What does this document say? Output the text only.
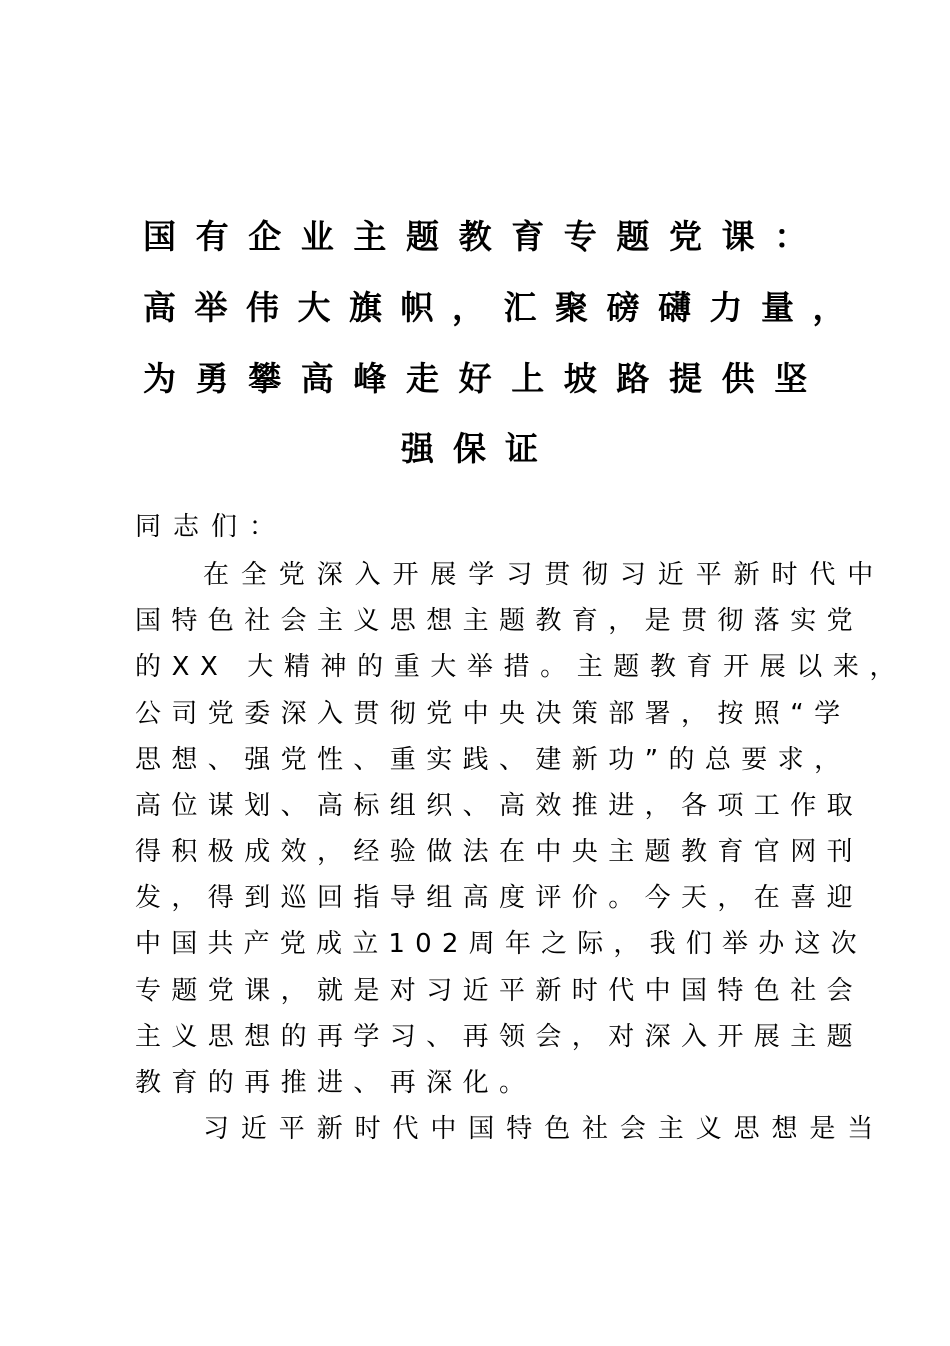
国有企业主题教育专题党课：
高举伟大旗帜，汇聚磅礴力量，
为勇攀高峰走好上坡路提供坚
强保证
同志们：
在全党深入开展学习贯彻习近平新时代中
国特色社会主义思想主题教育，是贯彻落实党
的XX 大精神的重大举措。主题教育开展以来，
公司党委深入贯彻党中央决策部署，按照“学
思想、强党性、重实践、建新功”的总要求，
高位谋划、高标组织、高效推进，各项工作取
得积极成效，经验做法在中央主题教育官网刊
发，得到巡回指导组高度评价。今天，在喜迎
中国共产党成立102周年之际，我们举办这次
专题党课，就是对习近平新时代中国特色社会
主义思想的再学习、再领会，对深入开展主题
教育的再推进、再深化。
习近平新时代中国特色社会主义思想是当
